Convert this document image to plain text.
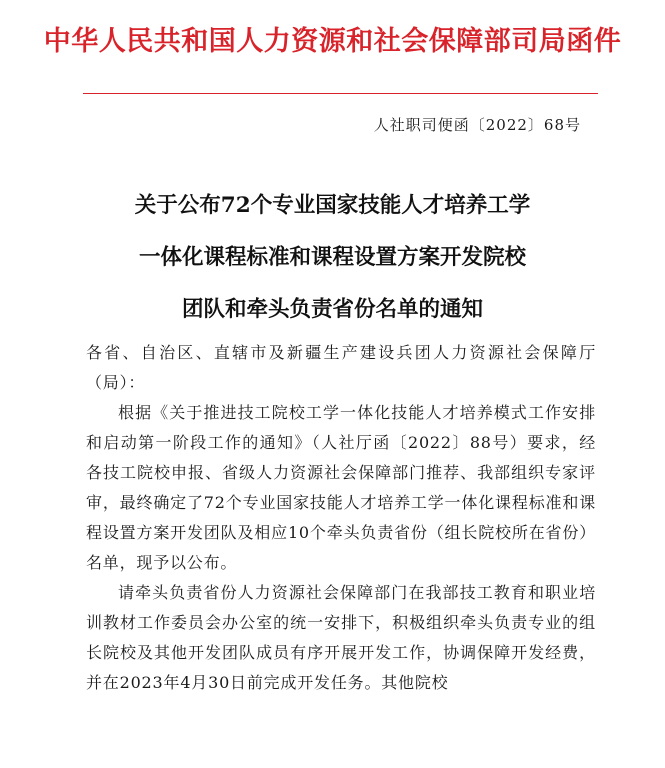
中华人民共和国人力资源和社会保障部司局函件
人社职司便函〔2022〕68号
关于公布72个专业国家技能人才培养工学
一体化课程标准和课程设置方案开发院校
团队和牵头负责省份名单的通知

各省、自治区、直辖市及新疆生产建设兵团人力资源社会保障厅（局）：

根据《关于推进技工院校工学一体化技能人才培养模式工作安排和启动第一阶段工作的通知》（人社厅函〔2022〕88号）要求，经各技工院校申报、省级人力资源社会保障部门推荐、我部组织专家评审，最终确定了72个专业国家技能人才培养工学一体化课程标准和课程设置方案开发团队及相应10个牵头负责省份（组长院校所在省份）名单，现予以公布。

请牵头负责省份人力资源社会保障部门在我部技工教育和职业培训教材工作委员会办公室的统一安排下，积极组织牵头负责专业的组长院校及其他开发团队成员有序开展开发工作，协调保障开发经费，并在2023年4月30日前完成开发任务。其他院校
